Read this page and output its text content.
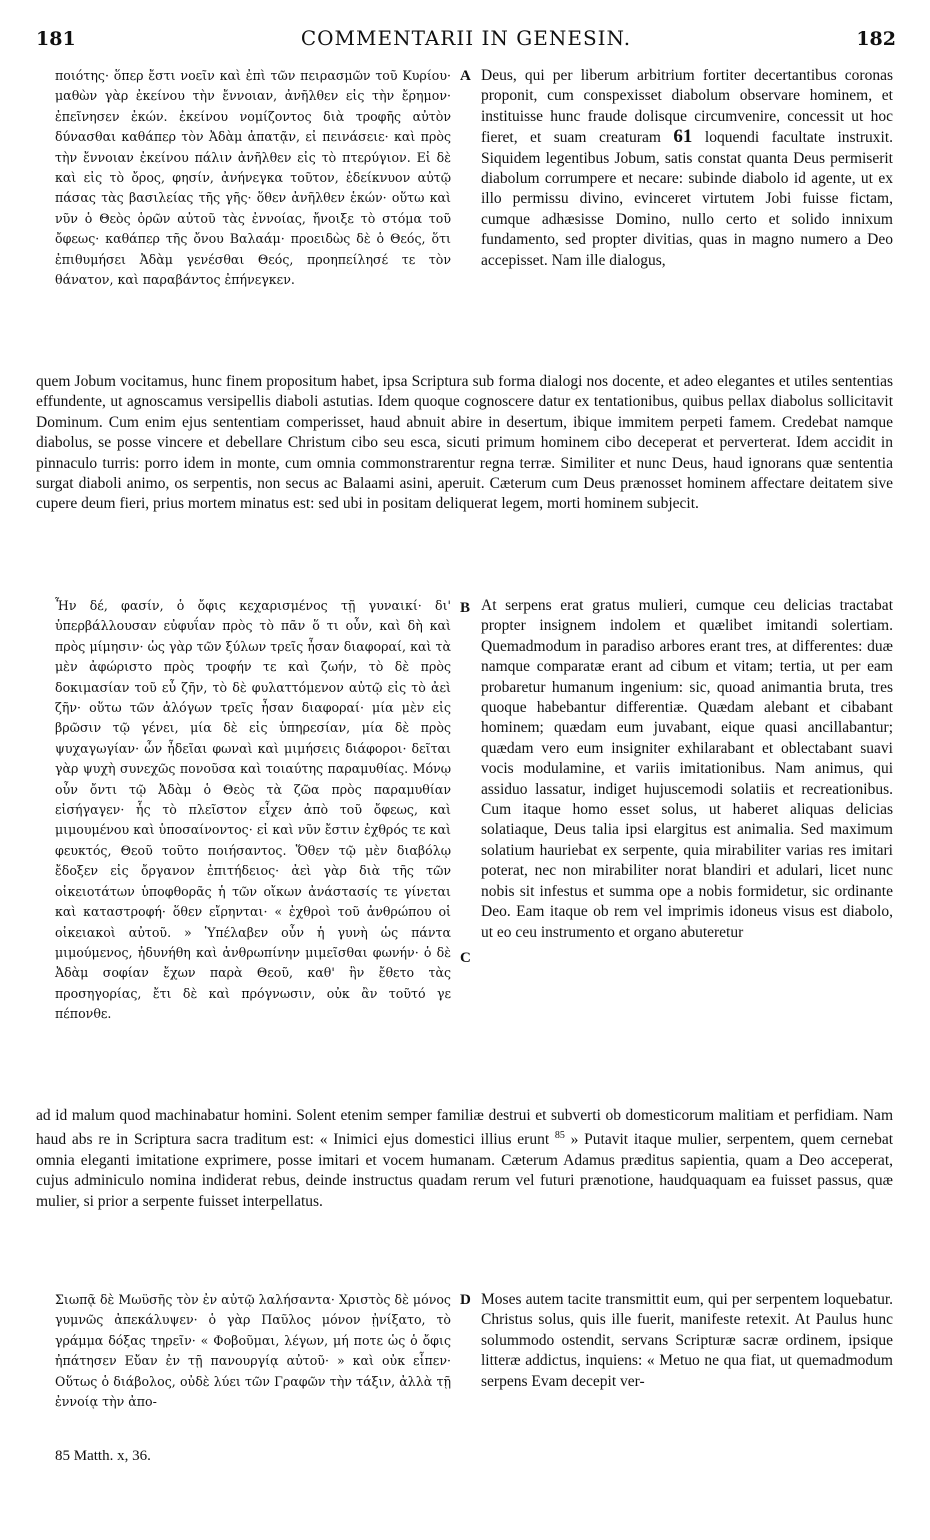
181	COMMENTARII IN GENESIN.	182

ποιότης· ὅπερ ἔστι νοεῖν καὶ ἐπὶ τῶν πειρασμῶν τοῦ Κυρίου· μαθὼν γὰρ ἐκείνου τὴν ἔννοιαν, ἀνῆλθεν εἰς τὴν ἔρημον· ἐπεῖνησεν ἐκών. ἐκείνου νομίζοντος διὰ τροφῆς αὐτὸν δύνασθαι καθάπερ τὸν Ἀδὰμ ἀπατᾷν, εἰ πεινάσειε· καὶ πρὸς τὴν ἔννοιαν ἐκείνου πάλιν ἀνῆλθεν εἰς τὸ πτερύγιον. Εἰ δὲ καὶ εἰς τὸ ὄρος, φησίν, ἀνήνεγκα τοῦτον, ἐδείκνυον αὐτῷ πάσας τὰς βασιλείας τῆς γῆς· ὅθεν ἀνῆλθεν ἑκών· οὕτω καὶ νῦν ὁ Θεὸς ὁρῶν αὐτοῦ τὰς ἐννοίας, ἤνοιξε τὸ στόμα τοῦ ὄφεως· καθάπερ τῆς ὄνου Βαλαάμ· προειδὼς δὲ ὁ Θεός, ὅτι ἐπιθυμήσει Ἀδὰμ γενέσθαι Θεός, προηπείλησέ τε τὸν θάνατον, καὶ παραβάντος ἐπήνεγκεν.

A Deus, qui per liberum arbitrium fortiter decertantibus coronas proponit, cum conspexisset diabolum observare hominem, et instituisse hunc fraude dolisque circumvenire, concessit ut hoc fieret, et suam creaturam 61 loquendi facultate instruxit. Siquidem legentibus Jobum, satis constat quanta Deus permiserit diabolum corrumpere et necare: subinde diabolo id agente, ut ex illo permissu divino, evinceret virtutem Jobi fuisse fictam, cumque adhæsisse Domino, nullo certo et solido innixum fundamento, sed propter divitias, quas in magno numero a Deo accepisset. Nam ille dialogus,

quem Jobum vocitamus, hunc finem propositum habet, ipsa Scriptura sub forma dialogi nos docente, et adeo elegantes et utiles sententias effundente, ut agnoscamus versipellis diaboli astutias. Idem quoque cognoscere datur ex tentationibus, quibus pellax diabolus sollicitavit Dominum. Cum enim ejus sententiam comperisset, haud abnuit abire in desertum, ibique immitem perpeti famem. Credebat namque diabolus, se posse vincere et debellare Christum cibo seu esca, sicuti primum hominem cibo deceperat et perverterat. Idem accidit in pinnaculo turris: porro idem in monte, cum omnia commonstrarentur regna terræ. Similiter et nunc Deus, haud ignorans quæ sententia surgat diaboli animo, os serpentis, non secus ac Balaami asini, aperuit. Cæterum cum Deus prænosset hominem affectare deitatem sive cupere deum fieri, prius mortem minatus est: sed ubi in positam deliquerat legem, morti hominem subjecit.

Ἦν δέ, φασίν, ὁ ὄφις κεχαρισμένος τῇ γυναικί· δι' ὑπερβάλλουσαν εὐφυΐαν πρὸς τὸ πᾶν ὅ τι οὖν, καὶ δὴ καὶ πρὸς μίμησιν· ὡς γὰρ τῶν ξύλων τρεῖς ἦσαν διαφοραί, καὶ τὰ μὲν ἀφώριστο πρὸς τροφήν τε καὶ ζωήν, τὸ δὲ πρὸς δοκιμασίαν τοῦ εὖ ζῆν, τὸ δὲ φυλαττόμενον αὐτῷ εἰς τὸ ἀεὶ ζῆν· οὕτω τῶν ἀλόγων τρεῖς ἦσαν διαφοραί· μία μὲν εἰς βρῶσιν τῷ γένει, μία δὲ εἰς ὑπηρεσίαν, μία δὲ πρὸς ψυχαγωγίαν· ὧν ἦδεῖαι φωναὶ καὶ μιμήσεις διάφοροι· δεῖται γὰρ ψυχὴ συνεχῶς πονοῦσα καὶ τοιαύτης παραμυθίας. Μόνῳ οὖν ὄντι τῷ Ἀδὰμ ὁ Θεὸς τὰ ζῶα πρὸς παραμυθίαν εἰσήγαγεν· ἧς τὸ πλεῖστον εἶχεν ἀπὸ τοῦ ὄφεως, καὶ μιμουμένου καὶ ὑποσαίνοντος· εἰ καὶ νῦν ἔστιν ἐχθρός τε καὶ φευκτός, Θεοῦ τοῦτο ποιήσαντος. Ὅθεν τῷ μὲν διαβόλῳ ἔδοξεν εἰς ὄργανον ἐπιτήδειος· ἀεὶ γὰρ διὰ τῆς τῶν οἰκειοτάτων ὑποφθορᾶς ἡ τῶν οἴκων ἀνάστασίς τε γίνεται καὶ καταστροφή· ὅθεν εἴρηνται· « ἐχθροὶ τοῦ ἀνθρώπου οἱ οἰκειακοὶ αὐτοῦ. » Ὑπέλαβεν οὖν ἡ γυνὴ ὡς πάντα μιμούμενος, ἠδυνήθη καὶ ἀνθρωπίνην μιμεῖσθαι φωνήν· ὁ δὲ Ἀδὰμ σοφίαν ἔχων παρὰ Θεοῦ, καθ' ἣν ἔθετο τὰς προσηγορίας, ἔτι δὲ καὶ πρόγνωσιν, οὐκ ἂν τοῦτό γε πέπονθε.

B
C

At serpens erat gratus mulieri, cumque ceu delicias tractabat propter insignem indolem et quælibet imitandi solertiam. Quemadmodum in paradiso arbores erant tres, at differentes: duæ namque comparatæ erant ad cibum et vitam; tertia, ut per eam probaretur humanum ingenium: sic, quoad animantia bruta, tres quoque habebantur differentiæ. Quædam alebant et cibabant hominem; quædam eum juvabant, eique quasi ancillabantur; quædam vero eum insigniter exhilarabant et oblectabant suavi vocis modulamine, et variis imitationibus. Nam animus, qui assiduo lassatur, indiget hujuscemodi solatiis et recreationibus. Cum itaque homo esset solus, ut haberet aliquas delicias solatiaque, Deus talia ipsi elargitus est animalia. Sed maximum solatium hauriebat ex serpente, quia mirabiliter varias res imitari poterat, nec non mirabiliter norat blandiri et adulari, licet nunc nobis sit infestus et summa ope a nobis formidetur, sic ordinante Deo. Eam itaque ob rem vel imprimis idoneus visus est diabolo, ut eo ceu instrumento et organo abuteretur

ad id malum quod machinabatur homini. Solent etenim semper familiæ destrui et subverti ob domesticorum malitiam et perfidiam. Nam haud abs re in Scriptura sacra traditum est: « Inimici ejus domestici illius erunt $^{85}$ » Putavit itaque mulier, serpentem, quem cernebat omnia eleganti imitatione exprimere, posse imitari et vocem humanam. Cæterum Adamus præditus sapientia, quam a Deo acceperat, cujus adminiculo nomina indiderat rebus, deinde instructus quadam rerum vel futuri prænotione, haudquaquam ea fuisset passus, quæ mulier, si prior a serpente fuisset interpellatus.

Σιωπᾷ δὲ Μωϋσῆς τὸν ἐν αὐτῷ λαλήσαντα· Χριστὸς δὲ μόνος γυμνῶς ἀπεκάλυψεν· ὁ γὰρ Παῦλος μόνον ᾐνίξατο, τὸ γράμμα δόξας τηρεῖν· « Φοβοῦμαι, λέγων, μή ποτε ὡς ὁ ὄφις ἠπάτησεν Εὔαν ἐν τῇ πανουργίᾳ αὐτοῦ· » καὶ οὐκ εἶπεν· Οὕτως ὁ διάβολος, οὐδὲ λύει τῶν Γραφῶν τὴν τάξιν, ἀλλὰ τῇ ἐννοίᾳ τὴν ἀπο-

D Moses autem tacite transmittit eum, qui per serpentem loquebatur. Christus solus, quis ille fuerit, manifeste retexit. At Paulus hunc solummodo ostendit, servans Scripturæ sacræ ordinem, ipsique litteræ addictus, inquiens: « Metuo ne qua fiat, ut quemadmodum serpens Evam decepit ver-

85 Matth. x, 36.
